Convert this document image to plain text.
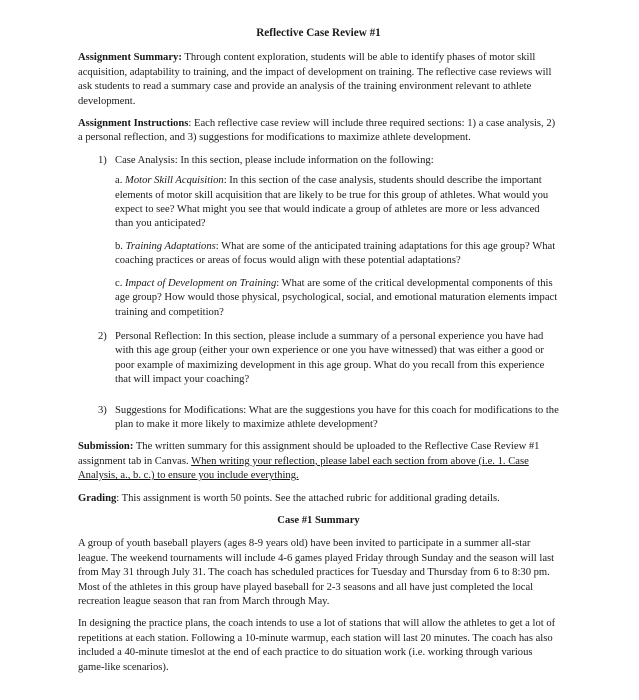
Reflective Case Review #1

Assignment Summary: Through content exploration, students will be able to identify phases of motor skill acquisition, adaptability to training, and the impact of development on training. The reflective case reviews will ask students to read a summary case and provide an analysis of the training environment relevant to athlete development.

Assignment Instructions: Each reflective case review will include three required sections: 1) a case analysis, 2) a personal reflection, and 3) suggestions for modifications to maximize athlete development.

1) Case Analysis: In this section, please include information on the following:

a. Motor Skill Acquisition: In this section of the case analysis, students should describe the important elements of motor skill acquisition that are likely to be true for this group of athletes. What would you expect to see? What might you see that would indicate a group of athletes are more or less advanced than you anticipated?

b. Training Adaptations: What are some of the anticipated training adaptations for this age group? What coaching practices or areas of focus would align with these potential adaptations?

c. Impact of Development on Training: What are some of the critical developmental components of this age group? How would those physical, psychological, social, and emotional maturation elements impact training and competition?

2) Personal Reflection: In this section, please include a summary of a personal experience you have had with this age group (either your own experience or one you have witnessed) that was either a good or poor example of maximizing development in this age group. What do you recall from this experience that will impact your coaching?
3) Suggestions for Modifications: What are the suggestions you have for this coach for modifications to the plan to make it more likely to maximize athlete development?

Submission: The written summary for this assignment should be uploaded to the Reflective Case Review #1 assignment tab in Canvas. When writing your reflection, please label each section from above (i.e. 1. Case Analysis, a., b. c.) to ensure you include everything.

Grading: This assignment is worth 50 points. See the attached rubric for additional grading details.

Case #1 Summary

A group of youth baseball players (ages 8-9 years old) have been invited to participate in a summer all-star league. The weekend tournaments will include 4-6 games played Friday through Sunday and the season will last from May 31 through July 31. The coach has scheduled practices for Tuesday and Thursday from 6 to 8:30 pm. Most of the athletes in this group have played baseball for 2-3 seasons and all have just completed the local recreation league season that ran from March through May.

In designing the practice plans, the coach intends to use a lot of stations that will allow the athletes to get a lot of repetitions at each station. Following a 10-minute warmup, each station will last 20 minutes. The coach has also included a 40-minute timeslot at the end of each practice to do situation work (i.e. working through various game-like scenarios).
